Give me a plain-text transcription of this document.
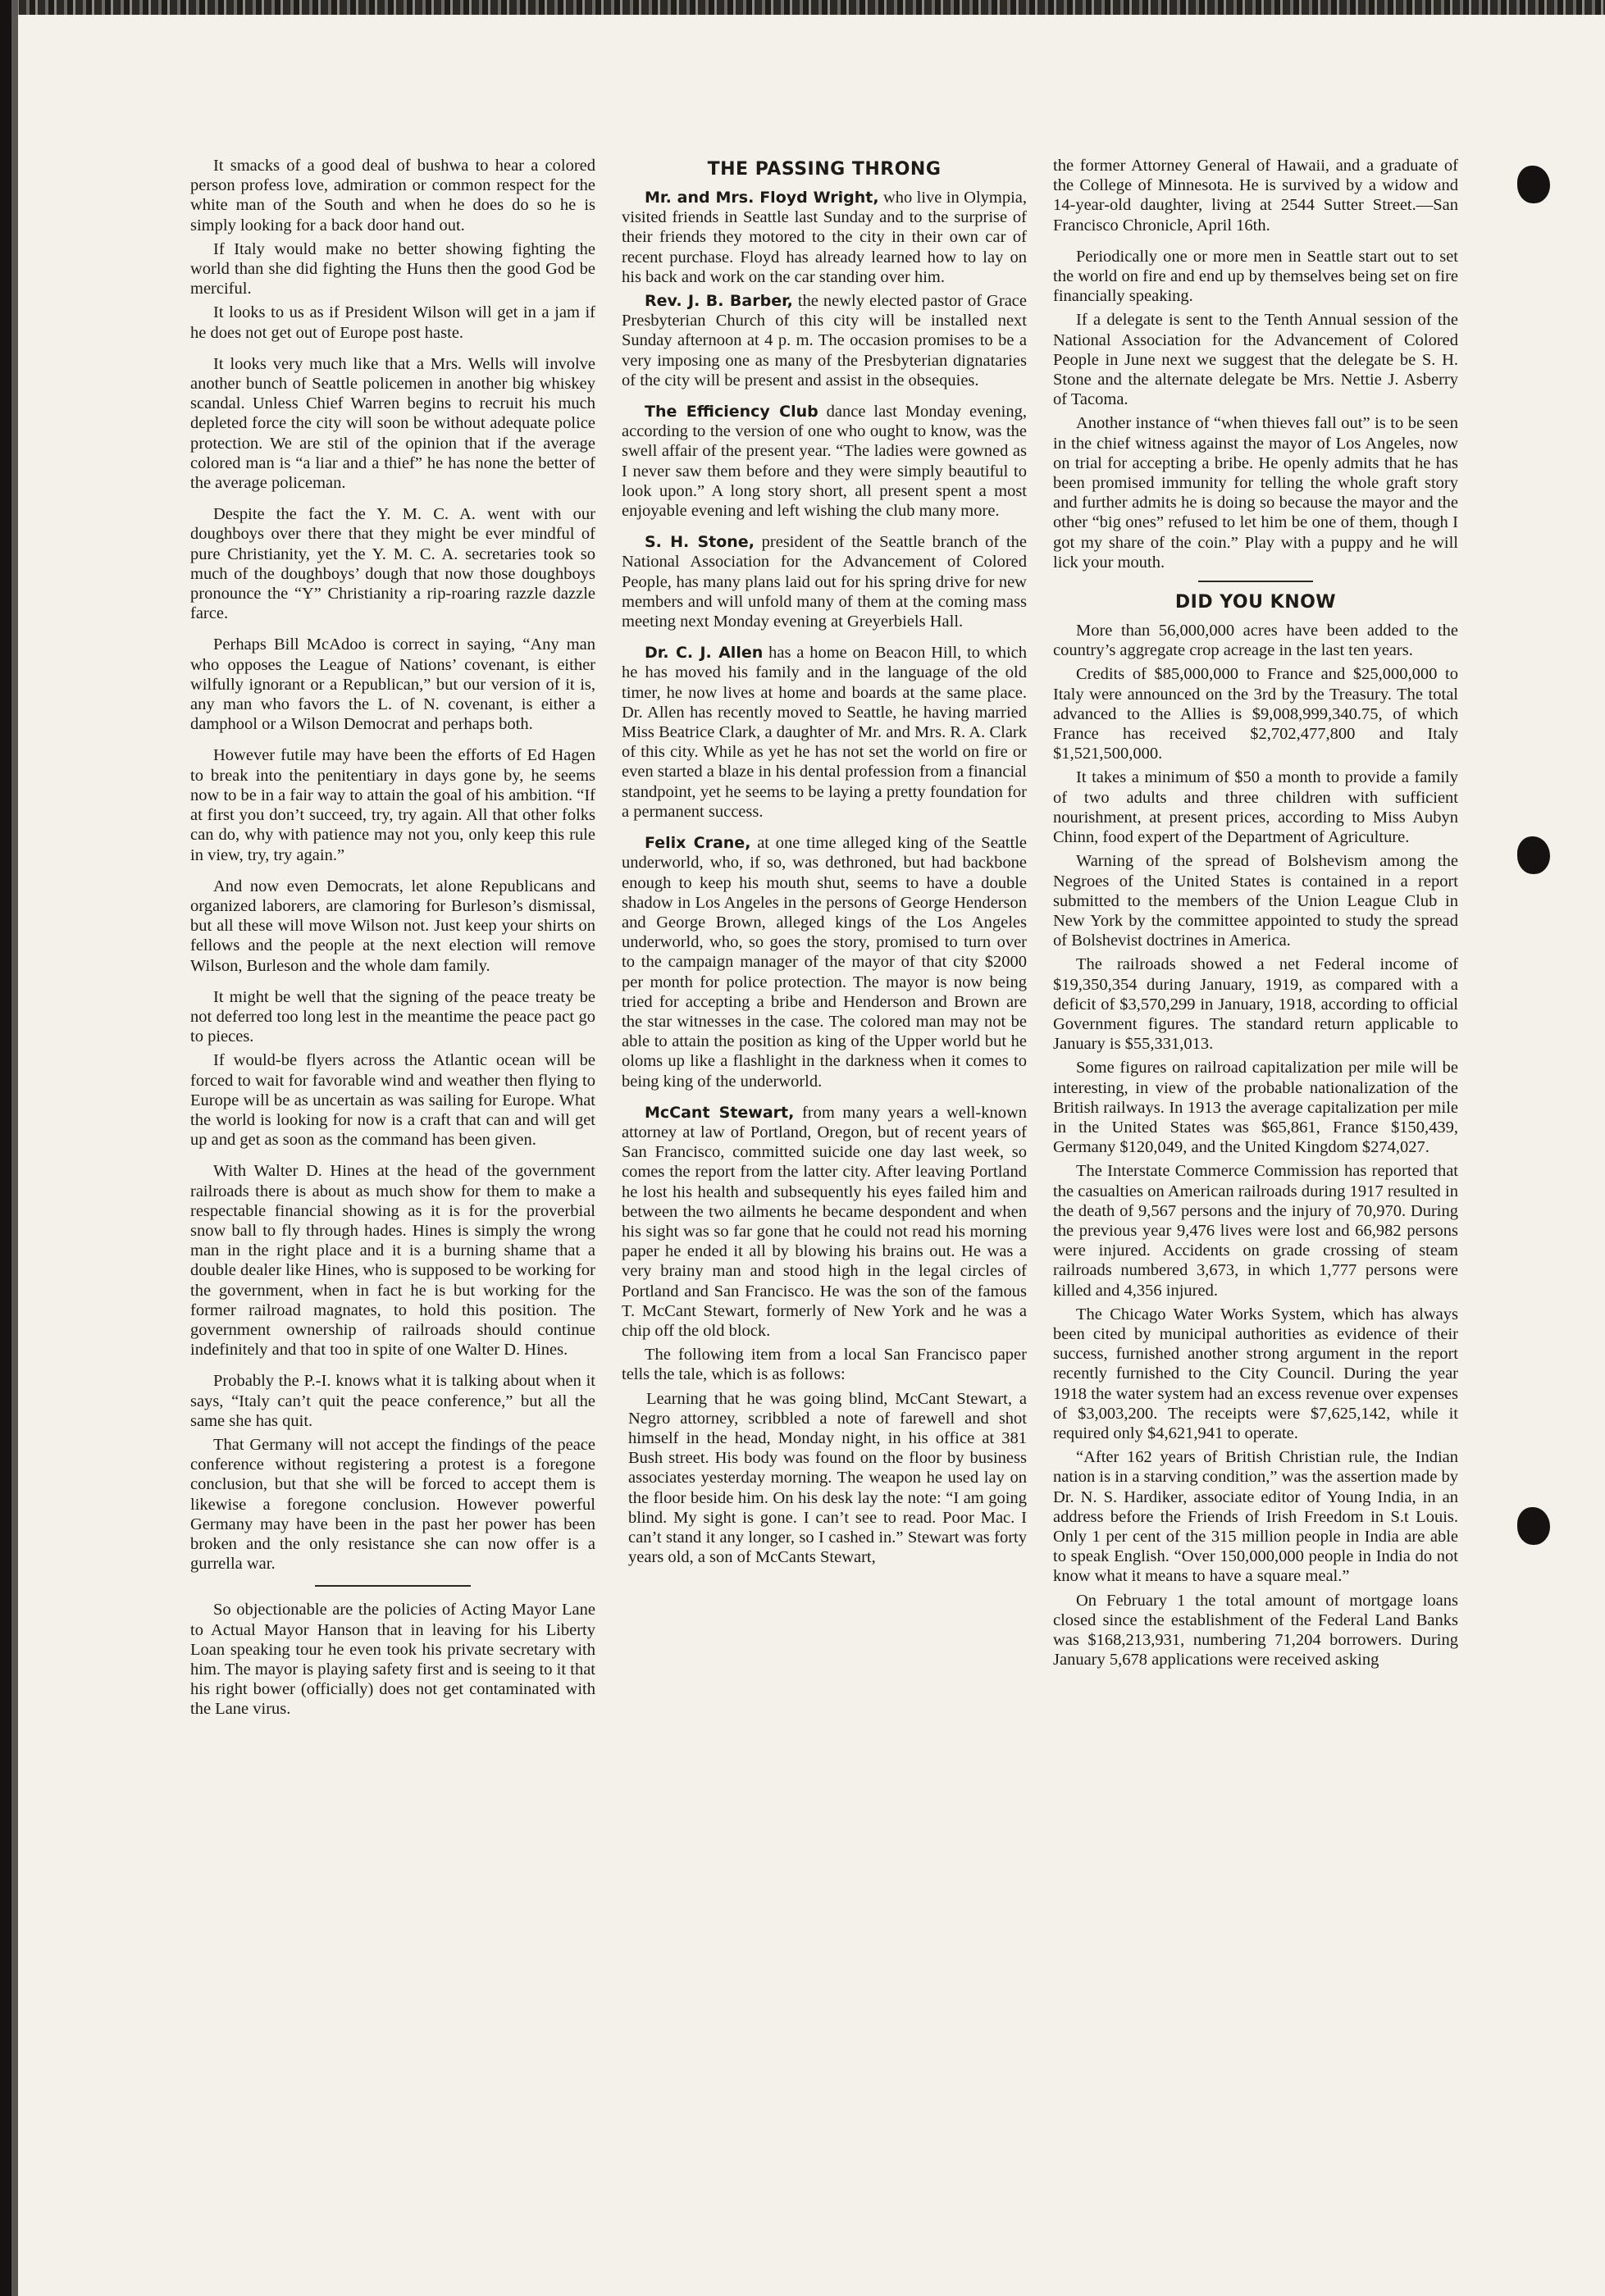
It smacks of a good deal of bushwa to hear a colored person profess love, admiration or common respect for the white man of the South and when he does do so he is simply looking for a back door hand out.

If Italy would make no better showing fighting the world than she did fighting the Huns then the good God be merciful.

It looks to us as if President Wilson will get in a jam if he does not get out of Europe post haste.

It looks very much like that a Mrs. Wells will involve another bunch of Seattle policemen in another big whiskey scandal. Unless Chief Warren begins to recruit his much depleted force the city will soon be without adequate police protection. We are stil of the opinion that if the average colored man is “a liar and a thief” he has none the better of the average policeman.

Despite the fact the Y. M. C. A. went with our doughboys over there that they might be ever mindful of pure Christianity, yet the Y. M. C. A. secretaries took so much of the doughboys’ dough that now those doughboys pronounce the “Y” Christianity a rip-roaring razzle dazzle farce.

Perhaps Bill McAdoo is correct in saying, “Any man who opposes the League of Nations’ covenant, is either wilfully ignorant or a Republican,” but our version of it is, any man who favors the L. of N. covenant, is either a damphool or a Wilson Democrat and perhaps both.

However futile may have been the efforts of Ed Hagen to break into the penitentiary in days gone by, he seems now to be in a fair way to attain the goal of his ambition. “If at first you don’t succeed, try, try again. All that other folks can do, why with patience may not you, only keep this rule in view, try, try again.”

And now even Democrats, let alone Republicans and organized laborers, are clamoring for Burleson’s dismissal, but all these will move Wilson not. Just keep your shirts on fellows and the people at the next election will remove Wilson, Burleson and the whole dam family.

It might be well that the signing of the peace treaty be not deferred too long lest in the meantime the peace pact go to pieces.

If would-be flyers across the Atlantic ocean will be forced to wait for favorable wind and weather then flying to Europe will be as uncertain as was sailing for Europe. What the world is looking for now is a craft that can and will get up and get as soon as the command has been given.

With Walter D. Hines at the head of the government railroads there is about as much show for them to make a respectable financial showing as it is for the proverbial snow ball to fly through hades. Hines is simply the wrong man in the right place and it is a burning shame that a double dealer like Hines, who is supposed to be working for the government, when in fact he is but working for the former railroad magnates, to hold this position. The government ownership of railroads should continue indefinitely and that too in spite of one Walter D. Hines.

Probably the P.-I. knows what it is talking about when it says, “Italy can’t quit the peace conference,” but all the same she has quit.

That Germany will not accept the findings of the peace conference without registering a protest is a foregone conclusion, but that she will be forced to accept them is likewise a foregone conclusion. However powerful Germany may have been in the past her power has been broken and the only resistance she can now offer is a gurrella war.

So objectionable are the policies of Acting Mayor Lane to Actual Mayor Hanson that in leaving for his Liberty Loan speaking tour he even took his private secretary with him. The mayor is playing safety first and is seeing to it that his right bower (officially) does not get contaminated with the Lane virus.

THE PASSING THRONG

Mr. and Mrs. Floyd Wright, who live in Olympia, visited friends in Seattle last Sunday and to the surprise of their friends they motored to the city in their own car of recent purchase. Floyd has already learned how to lay on his back and work on the car standing over him.

Rev. J. B. Barber, the newly elected pastor of Grace Presbyterian Church of this city will be installed next Sunday afternoon at 4 p. m. The occasion promises to be a very imposing one as many of the Presbyterian dignataries of the city will be present and assist in the obsequies.

The Efficiency Club dance last Monday evening, according to the version of one who ought to know, was the swell affair of the present year. “The ladies were gowned as I never saw them before and they were simply beautiful to look upon.” A long story short, all present spent a most enjoyable evening and left wishing the club many more.

S. H. Stone, president of the Seattle branch of the National Association for the Advancement of Colored People, has many plans laid out for his spring drive for new members and will unfold many of them at the coming mass meeting next Monday evening at Greyerbiels Hall.

Dr. C. J. Allen has a home on Beacon Hill, to which he has moved his family and in the language of the old timer, he now lives at home and boards at the same place. Dr. Allen has recently moved to Seattle, he having married Miss Beatrice Clark, a daughter of Mr. and Mrs. R. A. Clark of this city. While as yet he has not set the world on fire or even started a blaze in his dental profession from a financial standpoint, yet he seems to be laying a pretty foundation for a permanent success.

Felix Crane, at one time alleged king of the Seattle underworld, who, if so, was dethroned, but had backbone enough to keep his mouth shut, seems to have a double shadow in Los Angeles in the persons of George Henderson and George Brown, alleged kings of the Los Angeles underworld, who, so goes the story, promised to turn over to the campaign manager of the mayor of that city $2000 per month for police protection. The mayor is now being tried for accepting a bribe and Henderson and Brown are the star witnesses in the case. The colored man may not be able to attain the position as king of the Upper world but he oloms up like a flashlight in the darkness when it comes to being king of the underworld.

McCant Stewart, from many years a well-known attorney at law of Portland, Oregon, but of recent years of San Francisco, committed suicide one day last week, so comes the report from the latter city. After leaving Portland he lost his health and subsequently his eyes failed him and between the two ailments he became despondent and when his sight was so far gone that he could not read his morning paper he ended it all by blowing his brains out. He was a very brainy man and stood high in the legal circles of Portland and San Francisco. He was the son of the famous T. McCant Stewart, formerly of New York and he was a chip off the old block.

The following item from a local San Francisco paper tells the tale, which is as follows:

Learning that he was going blind, McCant Stewart, a Negro attorney, scribbled a note of farewell and shot himself in the head, Monday night, in his office at 381 Bush street. His body was found on the floor by business associates yesterday morning. The weapon he used lay on the floor beside him. On his desk lay the note: “I am going blind. My sight is gone. I can’t see to read. Poor Mac. I can’t stand it any longer, so I cashed in.” Stewart was forty years old, a son of McCants Stewart,

the former Attorney General of Hawaii, and a graduate of the College of Minnesota. He is survived by a widow and 14-year-old daughter, living at 2544 Sutter Street.—San Francisco Chronicle, April 16th.

Periodically one or more men in Seattle start out to set the world on fire and end up by themselves being set on fire financially speaking.

If a delegate is sent to the Tenth Annual session of the National Association for the Advancement of Colored People in June next we suggest that the delegate be S. H. Stone and the alternate delegate be Mrs. Nettie J. Asberry of Tacoma.

Another instance of “when thieves fall out” is to be seen in the chief witness against the mayor of Los Angeles, now on trial for accepting a bribe. He openly admits that he has been promised immunity for telling the whole graft story and further admits he is doing so because the mayor and the other “big ones” refused to let him be one of them, though I got my share of the coin.” Play with a puppy and he will lick your mouth.

DID YOU KNOW

More than 56,000,000 acres have been added to the country’s aggregate crop acreage in the last ten years.

Credits of $85,000,000 to France and $25,000,000 to Italy were announced on the 3rd by the Treasury. The total advanced to the Allies is $9,008,999,340.75, of which France has received $2,702,477,800 and Italy $1,521,500,000.

It takes a minimum of $50 a month to provide a family of two adults and three children with sufficient nourishment, at present prices, according to Miss Aubyn Chinn, food expert of the Department of Agriculture.

Warning of the spread of Bolshevism among the Negroes of the United States is contained in a report submitted to the members of the Union League Club in New York by the committee appointed to study the spread of Bolshevist doctrines in America.

The railroads showed a net Federal income of $19,350,354 during January, 1919, as compared with a deficit of $3,570,299 in January, 1918, according to official Government figures. The standard return applicable to January is $55,331,013.

Some figures on railroad capitalization per mile will be interesting, in view of the probable nationalization of the British railways. In 1913 the average capitalization per mile in the United States was $65,861, France $150,439, Germany $120,049, and the United Kingdom $274,027.

The Interstate Commerce Commission has reported that the casualties on American railroads during 1917 resulted in the death of 9,567 persons and the injury of 70,970. During the previous year 9,476 lives were lost and 66,982 persons were injured. Accidents on grade crossing of steam railroads numbered 3,673, in which 1,777 persons were killed and 4,356 injured.

The Chicago Water Works System, which has always been cited by municipal authorities as evidence of their success, furnished another strong argument in the report recently furnished to the City Council. During the year 1918 the water system had an excess revenue over expenses of $3,003,200. The receipts were $7,625,142, while it required only $4,621,941 to operate.

“After 162 years of British Christian rule, the Indian nation is in a starving condition,” was the assertion made by Dr. N. S. Hardiker, associate editor of Young India, in an address before the Friends of Irish Freedom in S.t Louis. Only 1 per cent of the 315 million people in India are able to speak English. “Over 150,000,000 people in India do not know what it means to have a square meal.”

On February 1 the total amount of mortgage loans closed since the establishment of the Federal Land Banks was $168,213,931, numbering 71,204 borrowers. During January 5,678 applications were received asking
